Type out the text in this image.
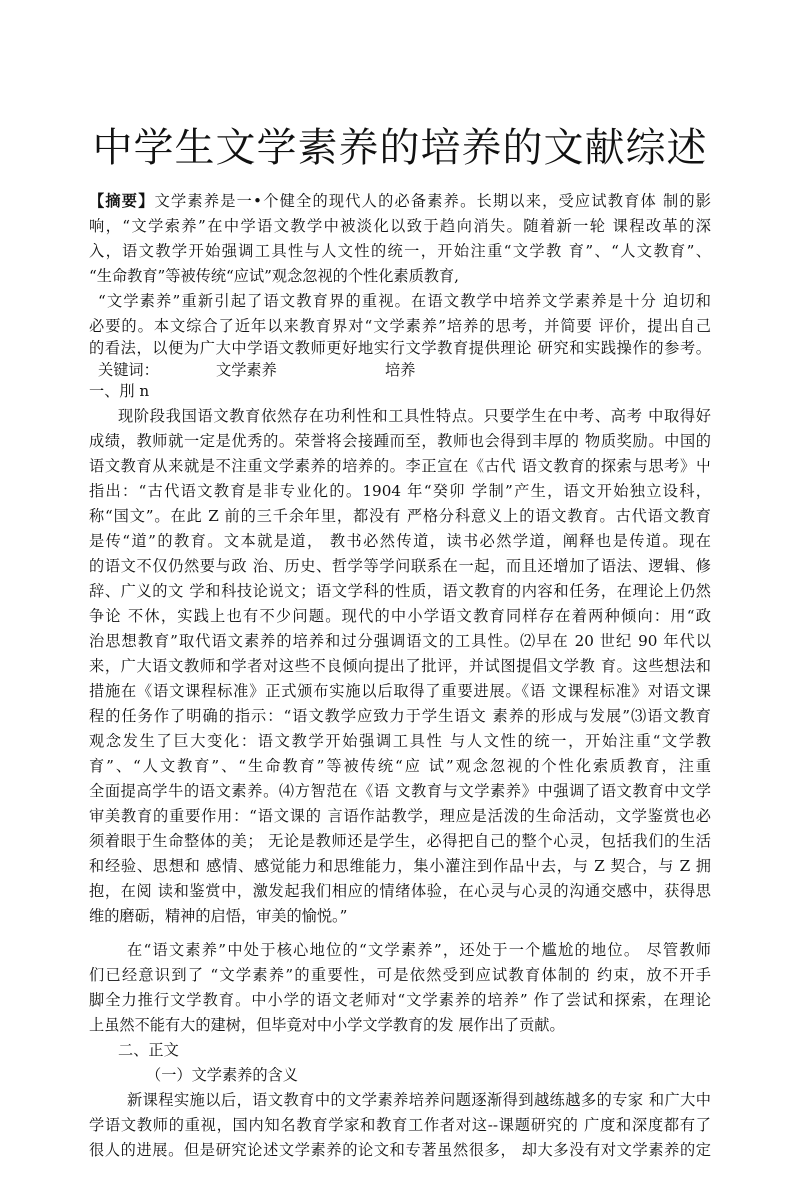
中学生文学素养的培养的文献综述

【摘要】文学素养是一•个健全的现代人的必备素养。长期以来，受应试教育体 制的影

响，“文学索养”在中学语文教学中被淡化以致于趋向消失。随着新一轮 课程改革的深

入，语文教学开始强调工具性与人文性的统一，开始注重“文学教 育”、“人文教育”、

“生命教育”等被传统“应试”观念忽视的个性化素质教育,

“文学素养”重新引起了语文教育界的重视。在语文教学中培养文学素养是十分 迫切和

必要的。本文综合了近年以来教育界对“文学素养”培养的思考，并简要 评价，提出自己

的看法，以便为广大中学语文教师更好地实行文学教育提供理论 研究和实践操作的参考。

关键词：	文学素养	培养

一、刖 n

现阶段我国语文教育依然存在功利性和工具性特点。只要学生在中考、高考 中取得好

成绩，教师就一定是优秀的。荣誉将会接踵而至，教师也会得到丰厚的 物质奖励。中国的

语文教育从来就是不注重文学素养的培养的。李正宣在《古代 语文教育的探索与思考》屮

指出：“古代语文教育是非专业化的。1904 年“癸卯 学制”产生，语文开始独立设科，

称“国文”。在此 Z 前的三千余年里，都没有 严格分科意义上的语文教育。古代语文教育

是传“道”的教育。文本就是道， 教书必然传道，读书必然学道，阐释也是传道。现在

的语文不仅仍然要与政 治、历史、哲学等学问联系在一起，而且还增加了语法、逻辑、修

辞、广义的文 学和科技论说文；语文学科的性质，语文教育的内容和任务，在理论上仍然

争论 不休，实践上也有不少问题。现代的中小学语文教育同样存在着两种倾向：用“政

治思想教育”取代语文素养的培养和过分强调语文的工具性。⑵早在 20 世纪 90 年代以

来，广大语文教师和学者对这些不良倾向提出了批评，并试图提倡文学教 育。这些想法和

措施在《语文课程标准》正式颁布实施以后取得了重要进展。《语 文课程标准》对语文课

程的任务作了明确的指示：“语文教学应致力于学生语文 素养的形成与发展”⑶语文教育

观念发生了巨大变化：语文教学开始强调工具性 与人文性的统一，开始注重“文学教

育”、“人文教育”、“生命教育”等被传统“应 试”观念忽视的个性化索质教育，注重

全面提高学牛的语文素养。⑷方智范在《语 文教育与文学素养》中强调了语文教育中文学

审美教育的重要作用：“语文课的 言语作詁教学，理应是活泼的生命活动，文学鉴赏也必

须着眼于生命整体的美； 无论是教师还是学生，必得把自己的整个心灵，包括我们的生活

和经验、思想和 感情、感觉能力和思维能力，集小灌注到作品屮去，与 Z 契合，与 Z 拥

抱，在阅 读和鉴赏中，激发起我们相应的情绪体验，在心灵与心灵的沟通交感中，获得思

维的磨砺，精神的启悟，审美的愉悦。”

在“语文素养”中处于核心地位的“文学素养”，还处于一个尴尬的地位。 尽管教师

们已经意识到了 “文学素养”的重要性，可是依然受到应试教育体制的 约束，放不开手

脚全力推行文学教育。中小学的语文老师对“文学素养的培养” 作了尝试和探索，在理论

上虽然不能有大的建树，但毕竟对中小学文学教育的发 展作出了贡献。

二、正文

（一）文学素养的含义

新课程实施以后，语文教育中的文学素养培养问题逐渐得到越练越多的专家 和广大中

学语文教师的重视，国内知名教育学家和教育工作者对这--课题研究的 广度和深度都有了

很人的进展。但是研究论述文学素养的论文和专著虽然很多， 却大多没有对文学素养的定
